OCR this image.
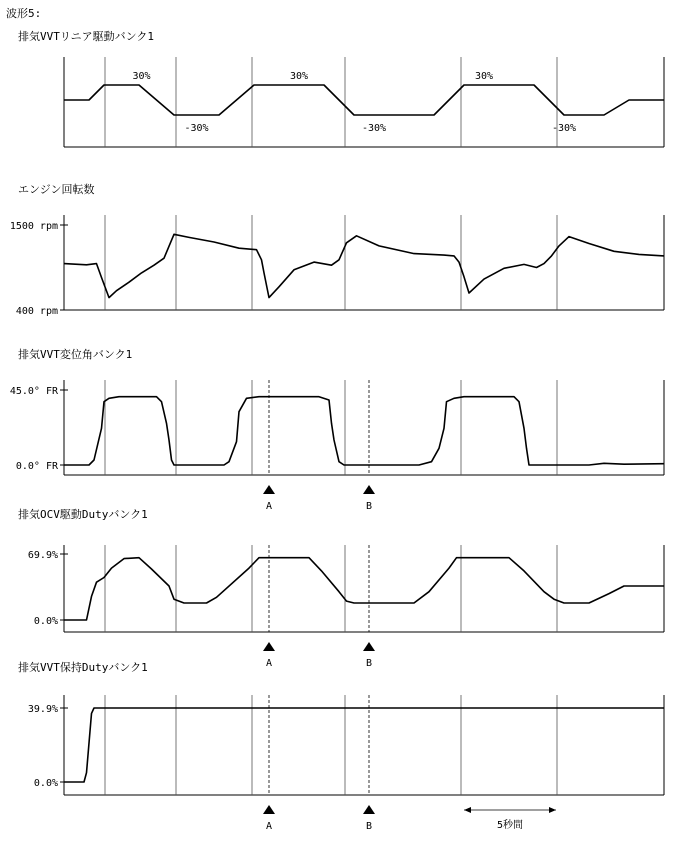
波形5:
排気VVTリニア駆動バンク1
30%
-30%
30%
-30%
30%
-30%
エンジン回転数
1500 rpm
400 rpm
排気VVT変位角バンク1
45.0° FR
0.0° FR
A	B
排気OCV駆動Dutyバンク1
69.9%
0.0%
A	B
排気VVT保持Dutyバンク1
39.9%
0.0%
A	B	5秒間
